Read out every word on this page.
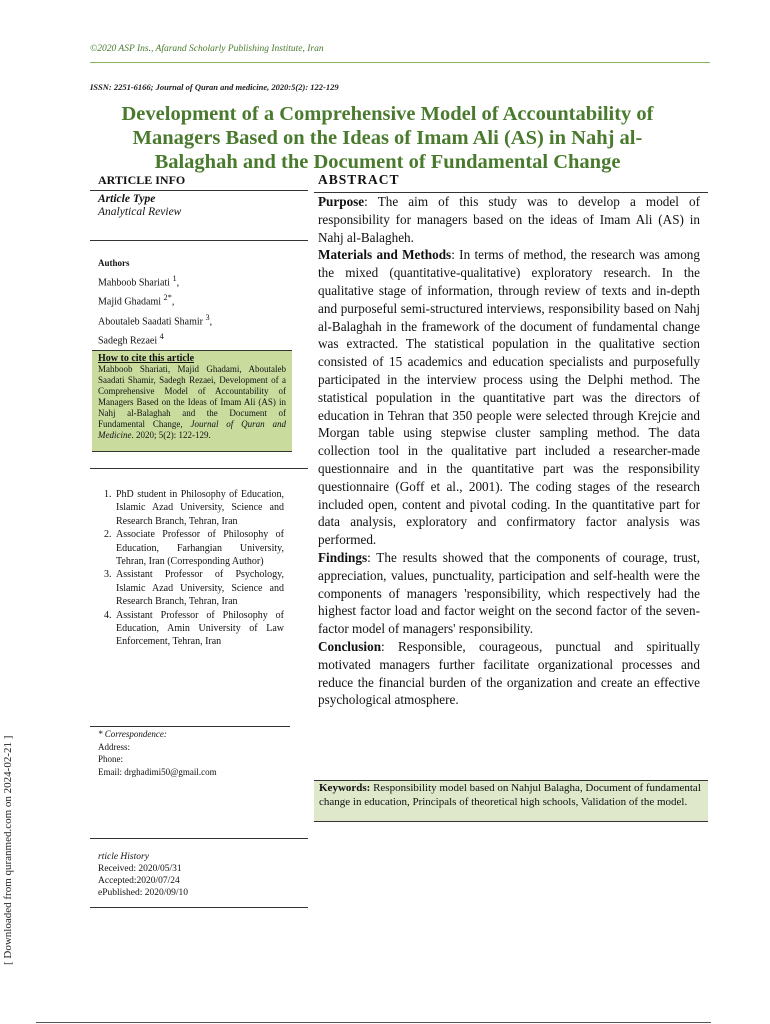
©2020 ASP Ins., Afarand Scholarly Publishing Institute, Iran
ISSN: 2251-6166; Journal of Quran and medicine, 2020:5(2): 122-129
Development of a Comprehensive Model of Accountability of Managers Based on the Ideas of Imam Ali (AS) in Nahj al-Balaghah and the Document of Fundamental Change
ARTICLE INFO
Article Type
Analytical Review
Authors
Mahboob Shariati $^1$,
Majid Ghadami $^{2*}$,
Aboutaleb Saadati Shamir $^3$,
Sadegh Rezaei $^4$
How to cite this article
Mahboob Shariati, Majid Ghadami, Aboutaleb Saadati Shamir, Sadegh Rezaei, Development of a Comprehensive Model of Accountability of Managers Based on the Ideas of Imam Ali (AS) in Nahj al-Balaghah and the Document of Fundamental Change, Journal of Quran and Medicine. 2020; 5(2): 122-129.
1. PhD student in Philosophy of Education, Islamic Azad University, Science and Research Branch, Tehran, Iran
2. Associate Professor of Philosophy of Education, Farhangian University, Tehran, Iran (Corresponding Author)
3. Assistant Professor of Psychology, Islamic Azad University, Science and Research Branch, Tehran, Iran
4. Assistant Professor of Philosophy of Education, Amin University of Law Enforcement, Tehran, Iran
* Correspondence:
Address:
Phone:
Email: drghadimi50@gmail.com
rticle History
Received: 2020/05/31
Accepted:2020/07/24
ePublished: 2020/09/10
ABSTRACT

Purpose: The aim of this study was to develop a model of responsibility for managers based on the ideas of Imam Ali (AS) in Nahj al-Balagheh.

Materials and Methods: In terms of method, the research was among the mixed (quantitative-qualitative) exploratory research. In the qualitative stage of information, through review of texts and in-depth and purposeful semi-structured interviews, responsibility based on Nahj al-Balaghah in the framework of the document of fundamental change was extracted. The statistical population in the qualitative section consisted of 15 academics and education specialists and purposefully participated in the interview process using the Delphi method. The statistical population in the quantitative part was the directors of education in Tehran that 350 people were selected through Krejcie and Morgan table using stepwise cluster sampling method. The data collection tool in the qualitative part included a researcher-made questionnaire and in the quantitative part was the responsibility questionnaire (Goff et al., 2001). The coding stages of the research included open, content and pivotal coding. In the quantitative part for data analysis, exploratory and confirmatory factor analysis was performed.

Findings: The results showed that the components of courage, trust, appreciation, values, punctuality, participation and self-health were the components of managers 'responsibility, which respectively had the highest factor load and factor weight on the second factor of the seven-factor model of managers' responsibility.

Conclusion: Responsible, courageous, punctual and spiritually motivated managers further facilitate organizational processes and reduce the financial burden of the organization and create an effective psychological atmosphere.

Keywords: Responsibility model based on Nahjul Balagha, Document of fundamental change in education, Principals of theoretical high schools, Validation of the model.
[ Downloaded from quranmed.com on 2024-02-21 ]
